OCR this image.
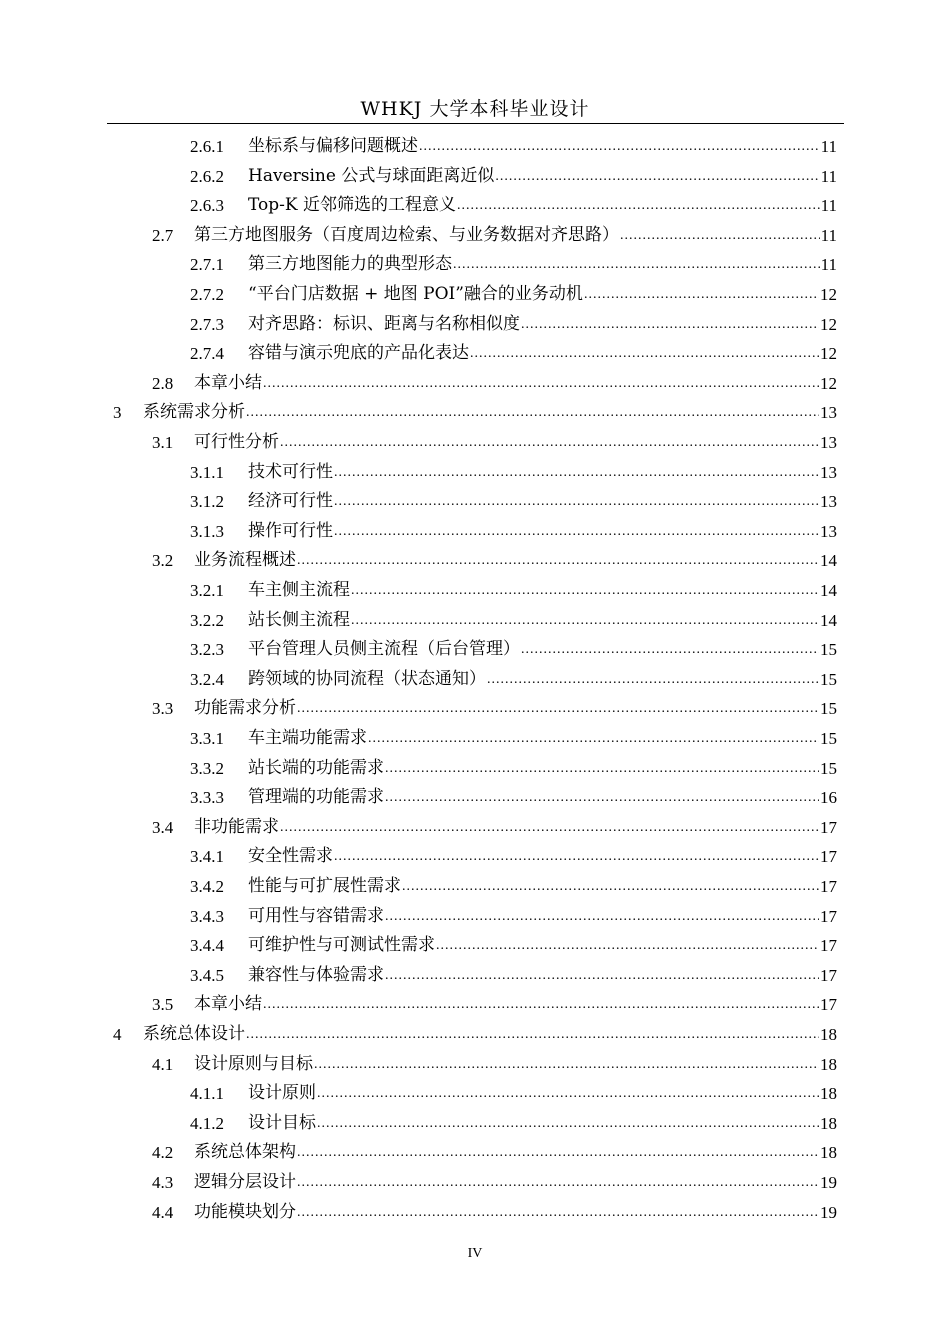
WHKJ 大学本科毕业设计
2.6.1	坐标系与偏移问题概述 .....	11
2.6.2	Haversine 公式与球面距离近似 .....	11
2.6.3	Top-K 近邻筛选的工程意义 .....	11
2.7	第三方地图服务（百度周边检索、与业务数据对齐思路） .....	11
2.7.1	第三方地图能力的典型形态 .....	11
2.7.2	“平台门店数据 + 地图 POI”融合的业务动机 .....	12
2.7.3	对齐思路：标识、距离与名称相似度 .....	12
2.7.4	容错与演示兜底的产品化表达 .....	12
2.8	本章小结 .....	12
3	系统需求分析 .....	13
3.1	可行性分析 .....	13
3.1.1	技术可行性 .....	13
3.1.2	经济可行性 .....	13
3.1.3	操作可行性 .....	13
3.2	业务流程概述 .....	14
3.2.1	车主侧主流程 .....	14
3.2.2	站长侧主流程 .....	14
3.2.3	平台管理人员侧主流程（后台管理） .....	15
3.2.4	跨领域的协同流程（状态通知） .....	15
3.3	功能需求分析 .....	15
3.3.1	车主端功能需求 .....	15
3.3.2	站长端的功能需求 .....	15
3.3.3	管理端的功能需求 .....	16
3.4	非功能需求 .....	17
3.4.1	安全性需求 .....	17
3.4.2	性能与可扩展性需求 .....	17
3.4.3	可用性与容错需求 .....	17
3.4.4	可维护性与可测试性需求 .....	17
3.4.5	兼容性与体验需求 .....	17
3.5	本章小结 .....	17
4	系统总体设计 .....	18
4.1	设计原则与目标 .....	18
4.1.1	设计原则 .....	18
4.1.2	设计目标 .....	18
4.2	系统总体架构 .....	18
4.3	逻辑分层设计 .....	19
4.4	功能模块划分 .....	19
IV
